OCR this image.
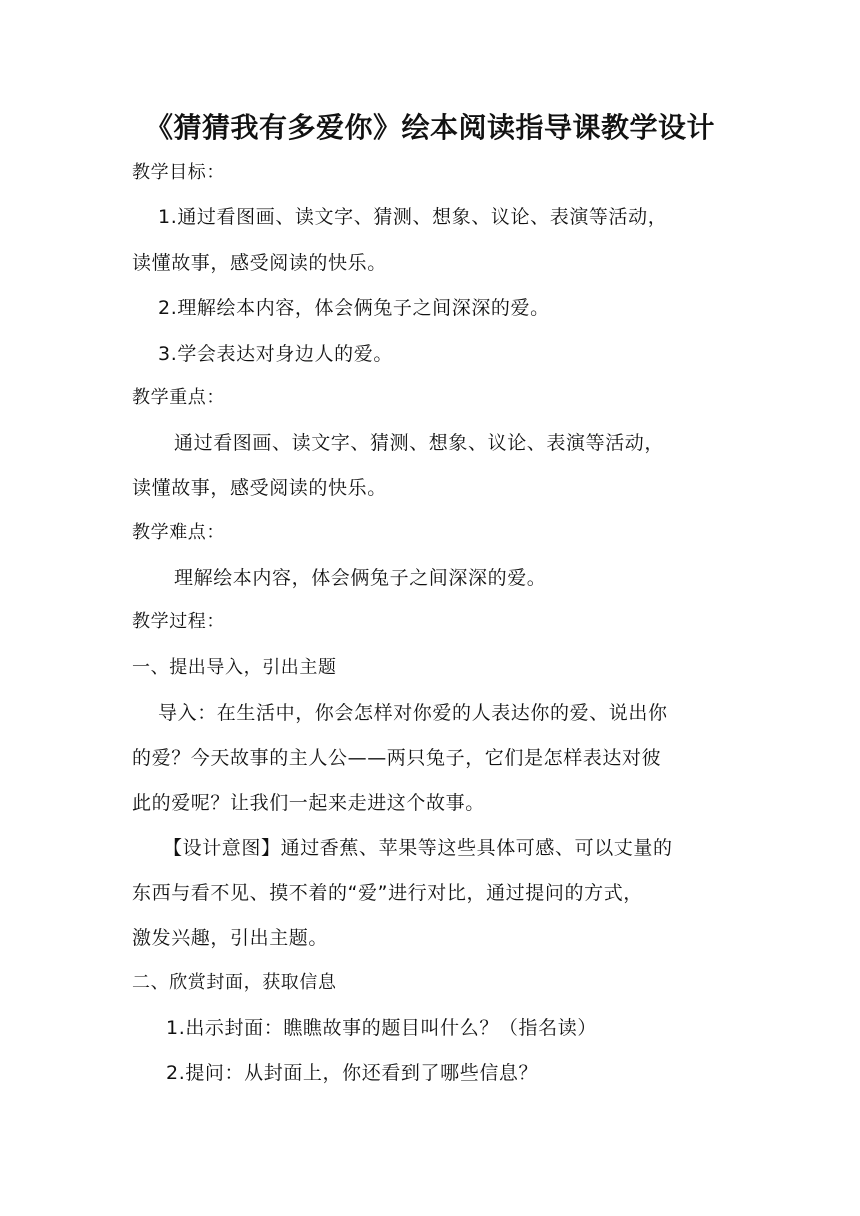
《猜猜我有多爱你》绘本阅读指导课教学设计
教学目标：
1.通过看图画、读文字、猜测、想象、议论、表演等活动，
读懂故事，感受阅读的快乐。
2.理解绘本内容，体会俩兔子之间深深的爱。
3.学会表达对身边人的爱。
教学重点：
通过看图画、读文字、猜测、想象、议论、表演等活动，
读懂故事，感受阅读的快乐。
教学难点：
理解绘本内容，体会俩兔子之间深深的爱。
教学过程：
一、提出导入，引出主题
导入：在生活中，你会怎样对你爱的人表达你的爱、说出你
的爱？今天故事的主人公——两只兔子，它们是怎样表达对彼
此的爱呢？让我们一起来走进这个故事。
【设计意图】通过香蕉、苹果等这些具体可感、可以丈量的
东西与看不见、摸不着的“爱”进行对比，通过提问的方式，
激发兴趣，引出主题。
二、欣赏封面，获取信息
1.出示封面：瞧瞧故事的题目叫什么？（指名读）
2.提问：从封面上，你还看到了哪些信息？
